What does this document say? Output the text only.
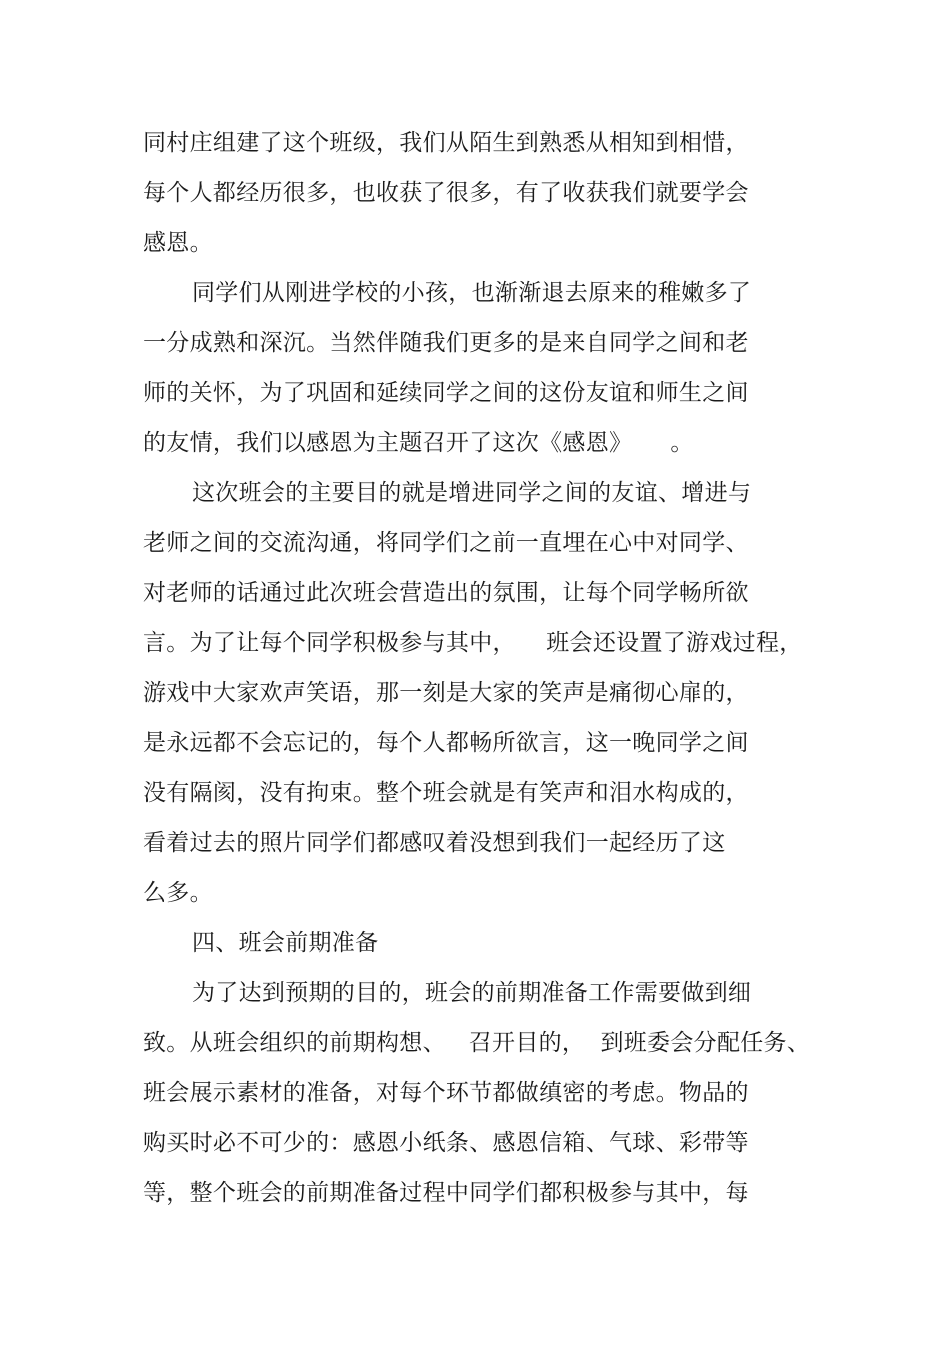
同村庄组建了这个班级，我们从陌生到熟悉从相知到相惜，
每个人都经历很多，也收获了很多，有了收获我们就要学会
感恩。
同学们从刚进学校的小孩，也渐渐退去原来的稚嫩多了
一分成熟和深沉。当然伴随我们更多的是来自同学之间和老
师的关怀，为了巩固和延续同学之间的这份友谊和师生之间
的友情，我们以感恩为主题召开了这次《感恩》     。
这次班会的主要目的就是增进同学之间的友谊、增进与
老师之间的交流沟通，将同学们之前一直埋在心中对同学、
对老师的话通过此次班会营造出的氛围，让每个同学畅所欲
言。为了让每个同学积极参与其中，    班会还设置了游戏过程，
游戏中大家欢声笑语，那一刻是大家的笑声是痛彻心扉的，
是永远都不会忘记的，每个人都畅所欲言，这一晚同学之间
没有隔阂，没有拘束。整个班会就是有笑声和泪水构成的，
看着过去的照片同学们都感叹着没想到我们一起经历了这
么多。
四、班会前期准备
为了达到预期的目的，班会的前期准备工作需要做到细
致。从班会组织的前期构想、   召开目的，  到班委会分配任务、
班会展示素材的准备，对每个环节都做缜密的考虑。物品的
购买时必不可少的：感恩小纸条、感恩信箱、气球、彩带等
等，整个班会的前期准备过程中同学们都积极参与其中，每
